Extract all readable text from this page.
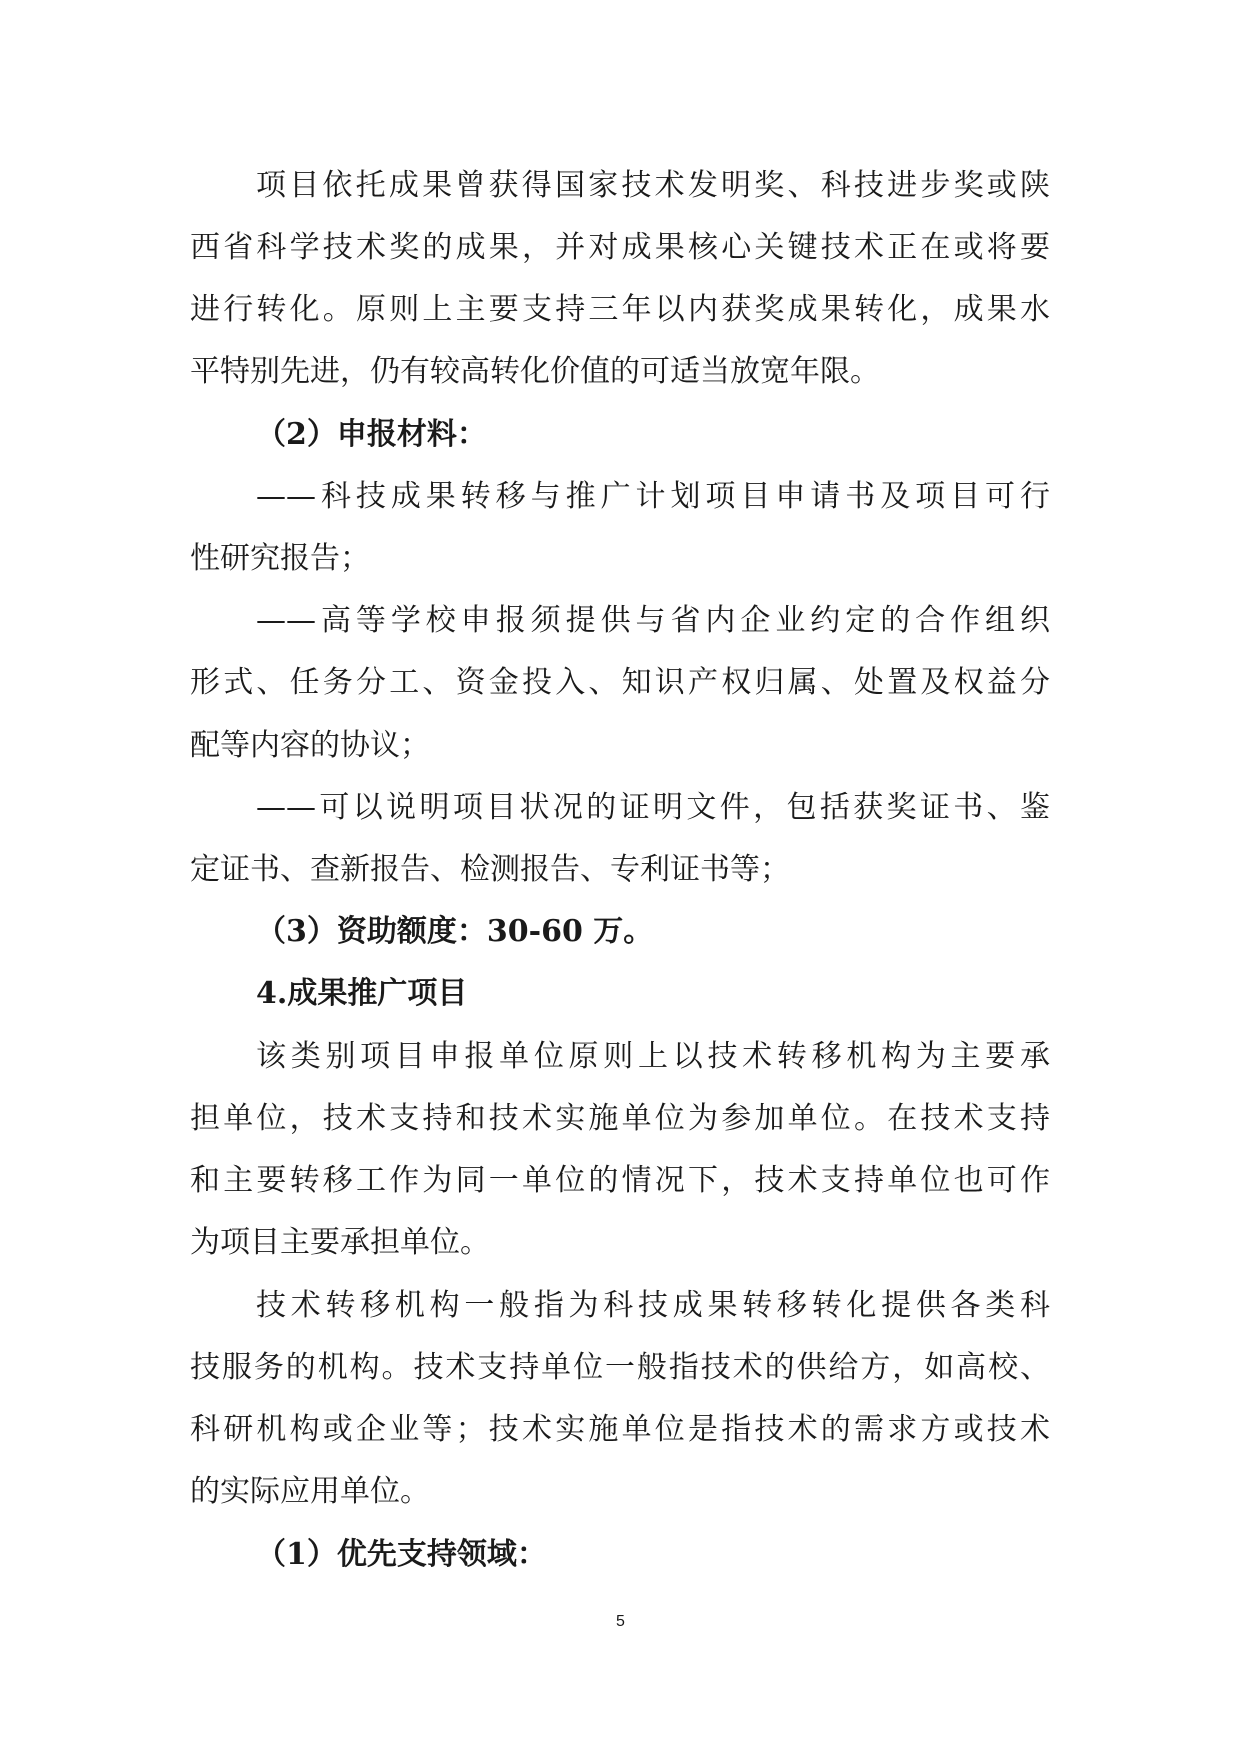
项目依托成果曾获得国家技术发明奖、科技进步奖或陕
西省科学技术奖的成果，并对成果核心关键技术正在或将要
进行转化。原则上主要支持三年以内获奖成果转化，成果水
平特别先进，仍有较高转化价值的可适当放宽年限。
（2）申报材料：
——科技成果转移与推广计划项目申请书及项目可行
性研究报告；
——高等学校申报须提供与省内企业约定的合作组织
形式、任务分工、资金投入、知识产权归属、处置及权益分
配等内容的协议；
——可以说明项目状况的证明文件，包括获奖证书、鉴
定证书、查新报告、检测报告、专利证书等；
（3）资助额度：30-60 万。
4.成果推广项目
该类别项目申报单位原则上以技术转移机构为主要承
担单位，技术支持和技术实施单位为参加单位。在技术支持
和主要转移工作为同一单位的情况下，技术支持单位也可作
为项目主要承担单位。
技术转移机构一般指为科技成果转移转化提供各类科
技服务的机构。技术支持单位一般指技术的供给方，如高校、
科研机构或企业等；技术实施单位是指技术的需求方或技术
的实际应用单位。
（1）优先支持领域：
5
